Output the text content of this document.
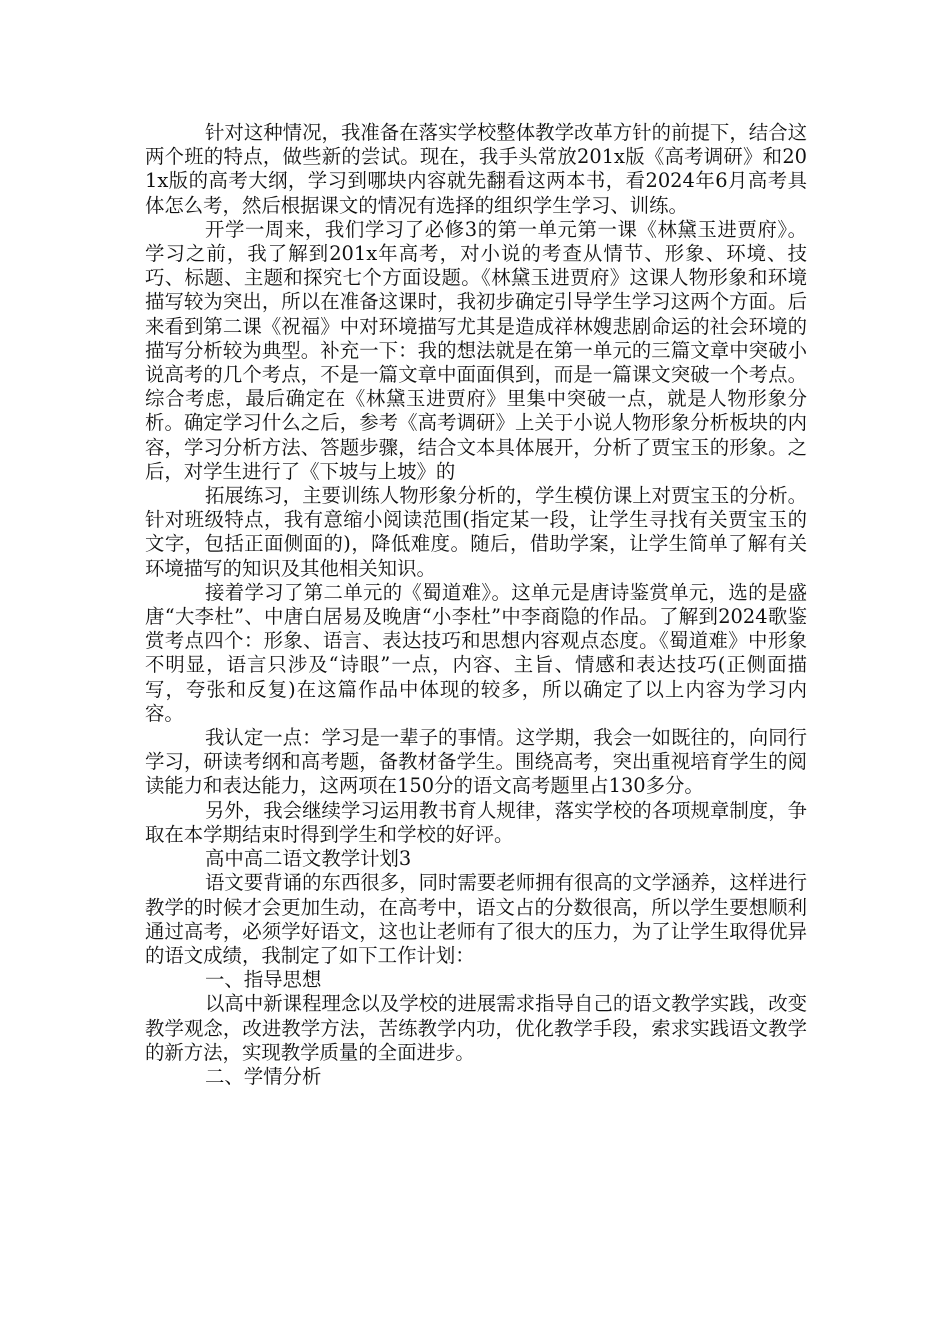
针对这种情况，我准备在落实学校整体教学改革方针的前提下，结合这两个班的特点，做些新的尝试。现在，我手头常放201x版《高考调研》和201x版的高考大纲，学习到哪块内容就先翻看这两本书，看2024年6月高考具体怎么考，然后根据课文的情况有选择的组织学生学习、训练。

开学一周来，我们学习了必修3的第一单元第一课《林黛玉进贾府》。学习之前，我了解到201x年高考，对小说的考查从情节、形象、环境、技巧、标题、主题和探究七个方面设题。《林黛玉进贾府》这课人物形象和环境描写较为突出，所以在准备这课时，我初步确定引导学生学习这两个方面。后来看到第二课《祝福》中对环境描写尤其是造成祥林嫂悲剧命运的社会环境的描写分析较为典型。补充一下：我的想法就是在第一单元的三篇文章中突破小说高考的几个考点，不是一篇文章中面面俱到，而是一篇课文突破一个考点。综合考虑，最后确定在《林黛玉进贾府》里集中突破一点，就是人物形象分析。确定学习什么之后，参考《高考调研》上关于小说人物形象分析板块的内容，学习分析方法、答题步骤，结合文本具体展开，分析了贾宝玉的形象。之后，对学生进行了《下坡与上坡》的

拓展练习，主要训练人物形象分析的，学生模仿课上对贾宝玉的分析。针对班级特点，我有意缩小阅读范围(指定某一段，让学生寻找有关贾宝玉的文字，包括正面侧面的)，降低难度。随后，借助学案，让学生简单了解有关环境描写的知识及其他相关知识。

接着学习了第二单元的《蜀道难》。这单元是唐诗鉴赏单元，选的是盛唐“大李杜”、中唐白居易及晚唐“小李杜”中李商隐的作品。了解到2024歌鉴赏考点四个：形象、语言、表达技巧和思想内容观点态度。《蜀道难》中形象不明显，语言只涉及“诗眼”一点，内容、主旨、情感和表达技巧(正侧面描写，夸张和反复)在这篇作品中体现的较多，所以确定了以上内容为学习内容。

我认定一点：学习是一辈子的事情。这学期，我会一如既往的，向同行学习，研读考纲和高考题，备教材备学生。围绕高考，突出重视培育学生的阅读能力和表达能力，这两项在150分的语文高考题里占130多分。

另外，我会继续学习运用教书育人规律，落实学校的各项规章制度，争取在本学期结束时得到学生和学校的好评。

高中高二语文教学计划3

语文要背诵的东西很多，同时需要老师拥有很高的文学涵养，这样进行教学的时候才会更加生动，在高考中，语文占的分数很高，所以学生要想顺利通过高考，必须学好语文，这也让老师有了很大的压力，为了让学生取得优异的语文成绩，我制定了如下工作计划：

一、指导思想

以高中新课程理念以及学校的进展需求指导自己的语文教学实践，改变教学观念，改进教学方法，苦练教学内功，优化教学手段，索求实践语文教学的新方法，实现教学质量的全面进步。

二、学情分析
